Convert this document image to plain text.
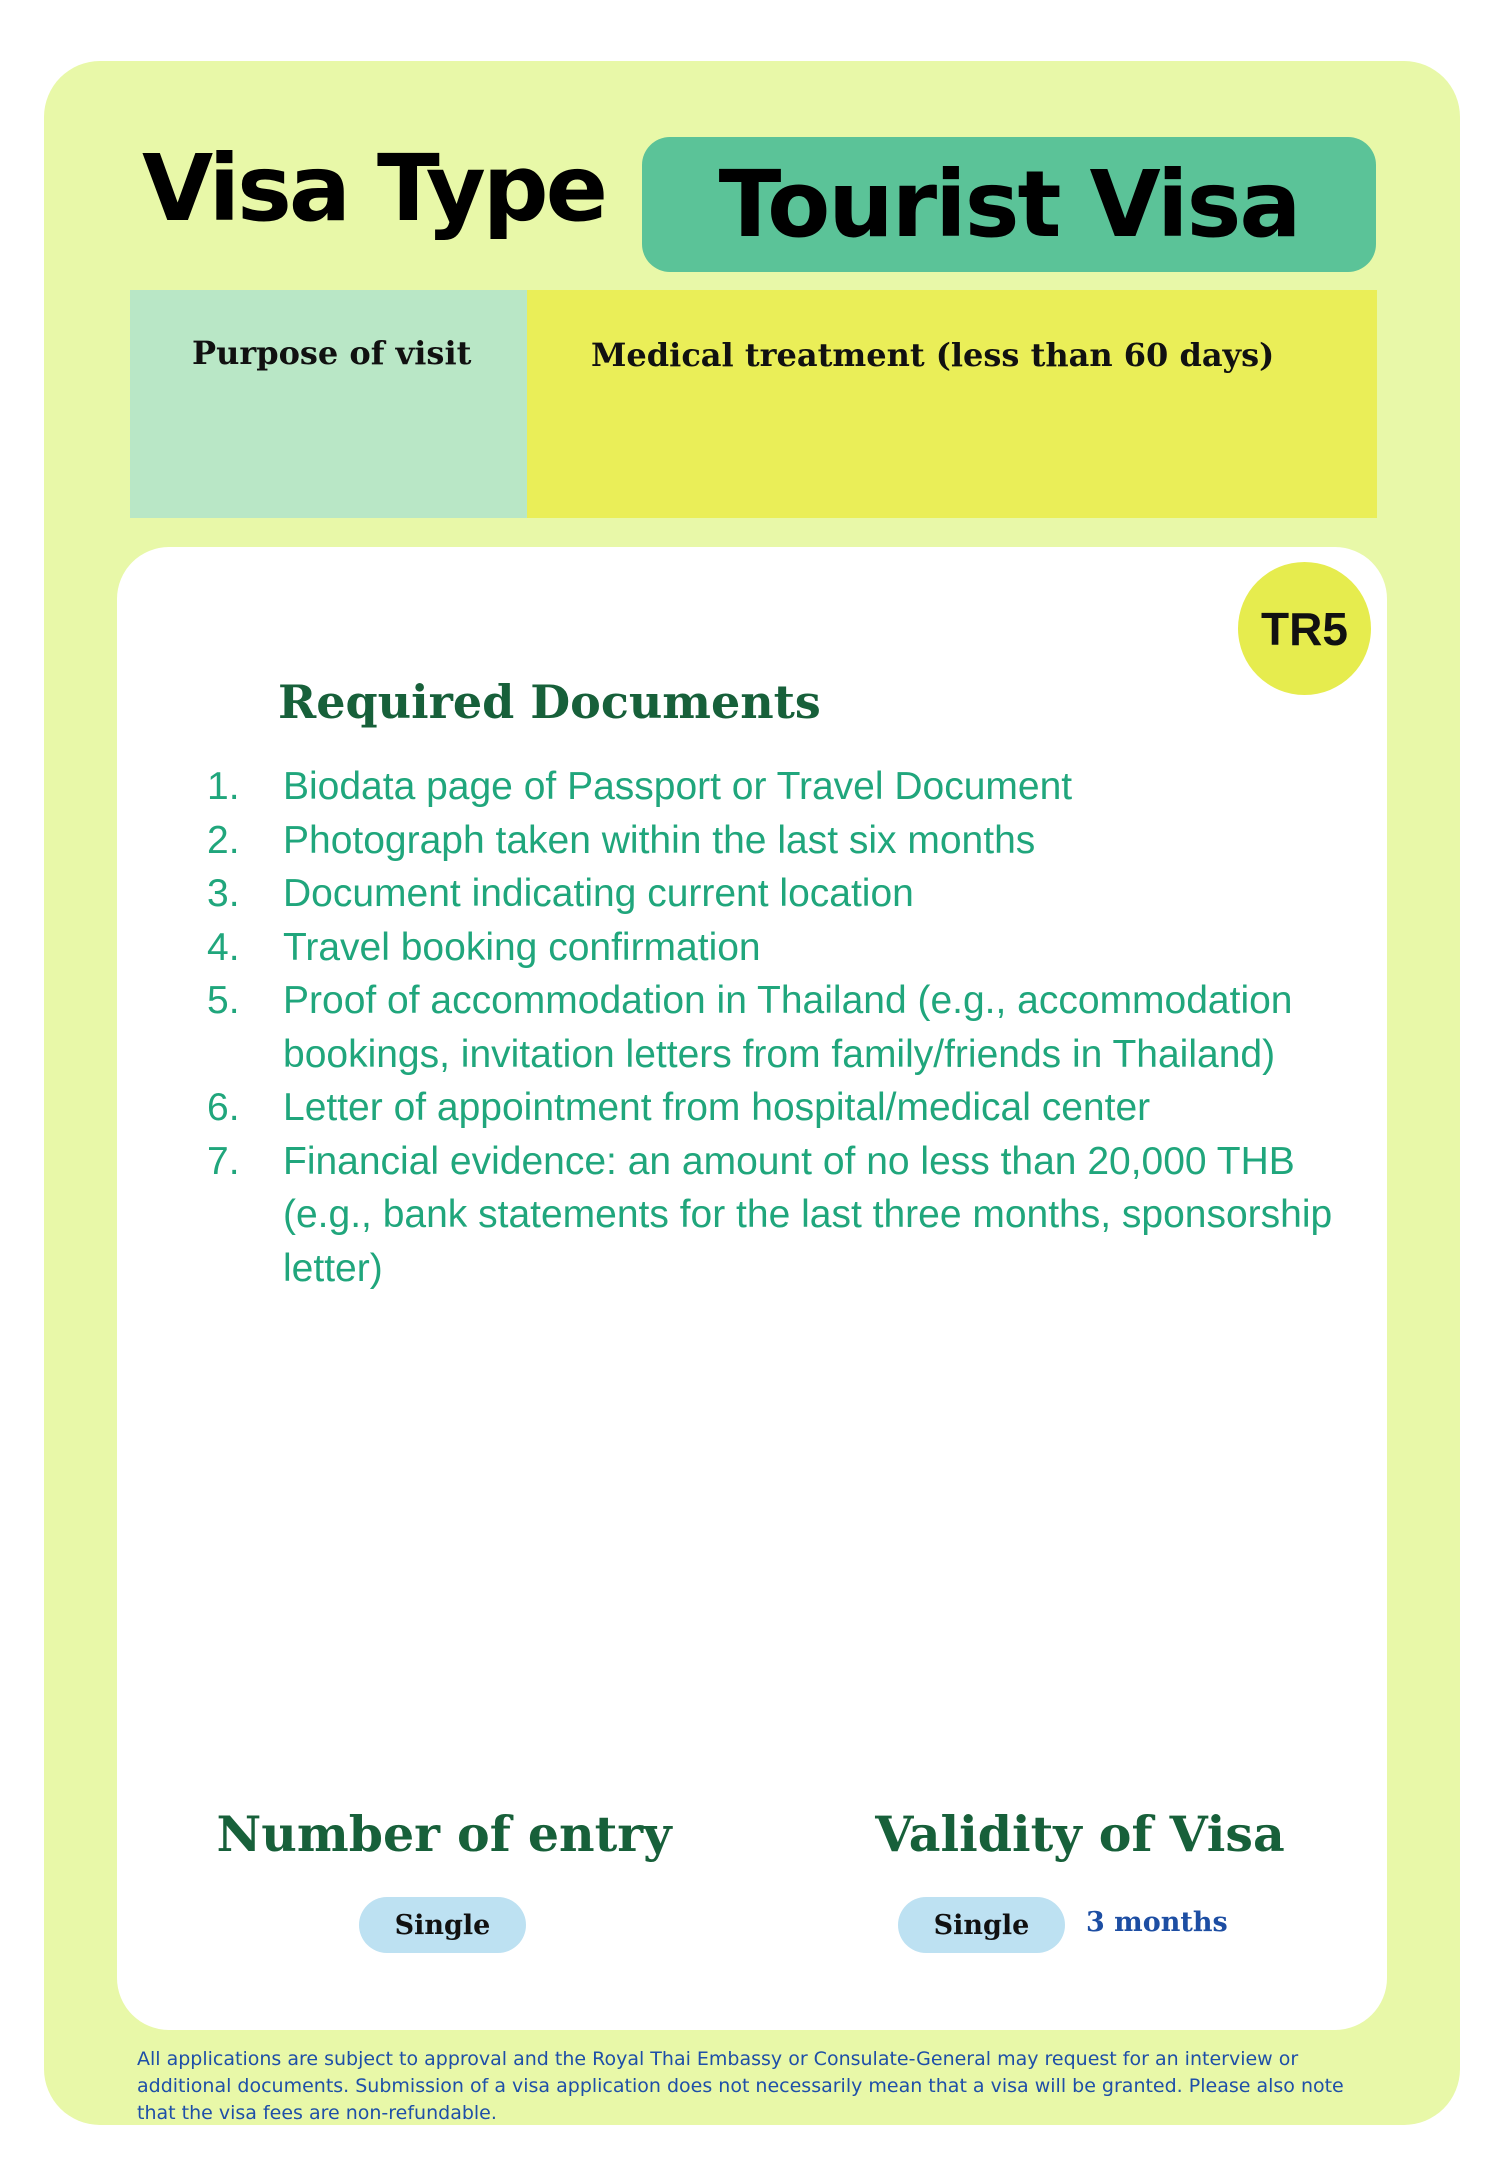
Visa Type	Tourist Visa
Purpose of visit	Medical treatment (less than 60 days)
TR5
Required Documents
1. Biodata page of Passport or Travel Document
2. Photograph taken within the last six months
3. Document indicating current location
4. Travel booking confirmation
5. Proof of accommodation in Thailand (e.g., accommodation bookings, invitation letters from family/friends in Thailand)
6. Letter of appointment from hospital/medical center
7. Financial evidence: an amount of no less than 20,000 THB (e.g., bank statements for the last three months, sponsorship letter)
Number of entry	Validity of Visa
Single	Single	3 months
All applications are subject to approval and the Royal Thai Embassy or Consulate-General may request for an interview or additional documents. Submission of a visa application does not necessarily mean that a visa will be granted. Please also note that the visa fees are non-refundable.
